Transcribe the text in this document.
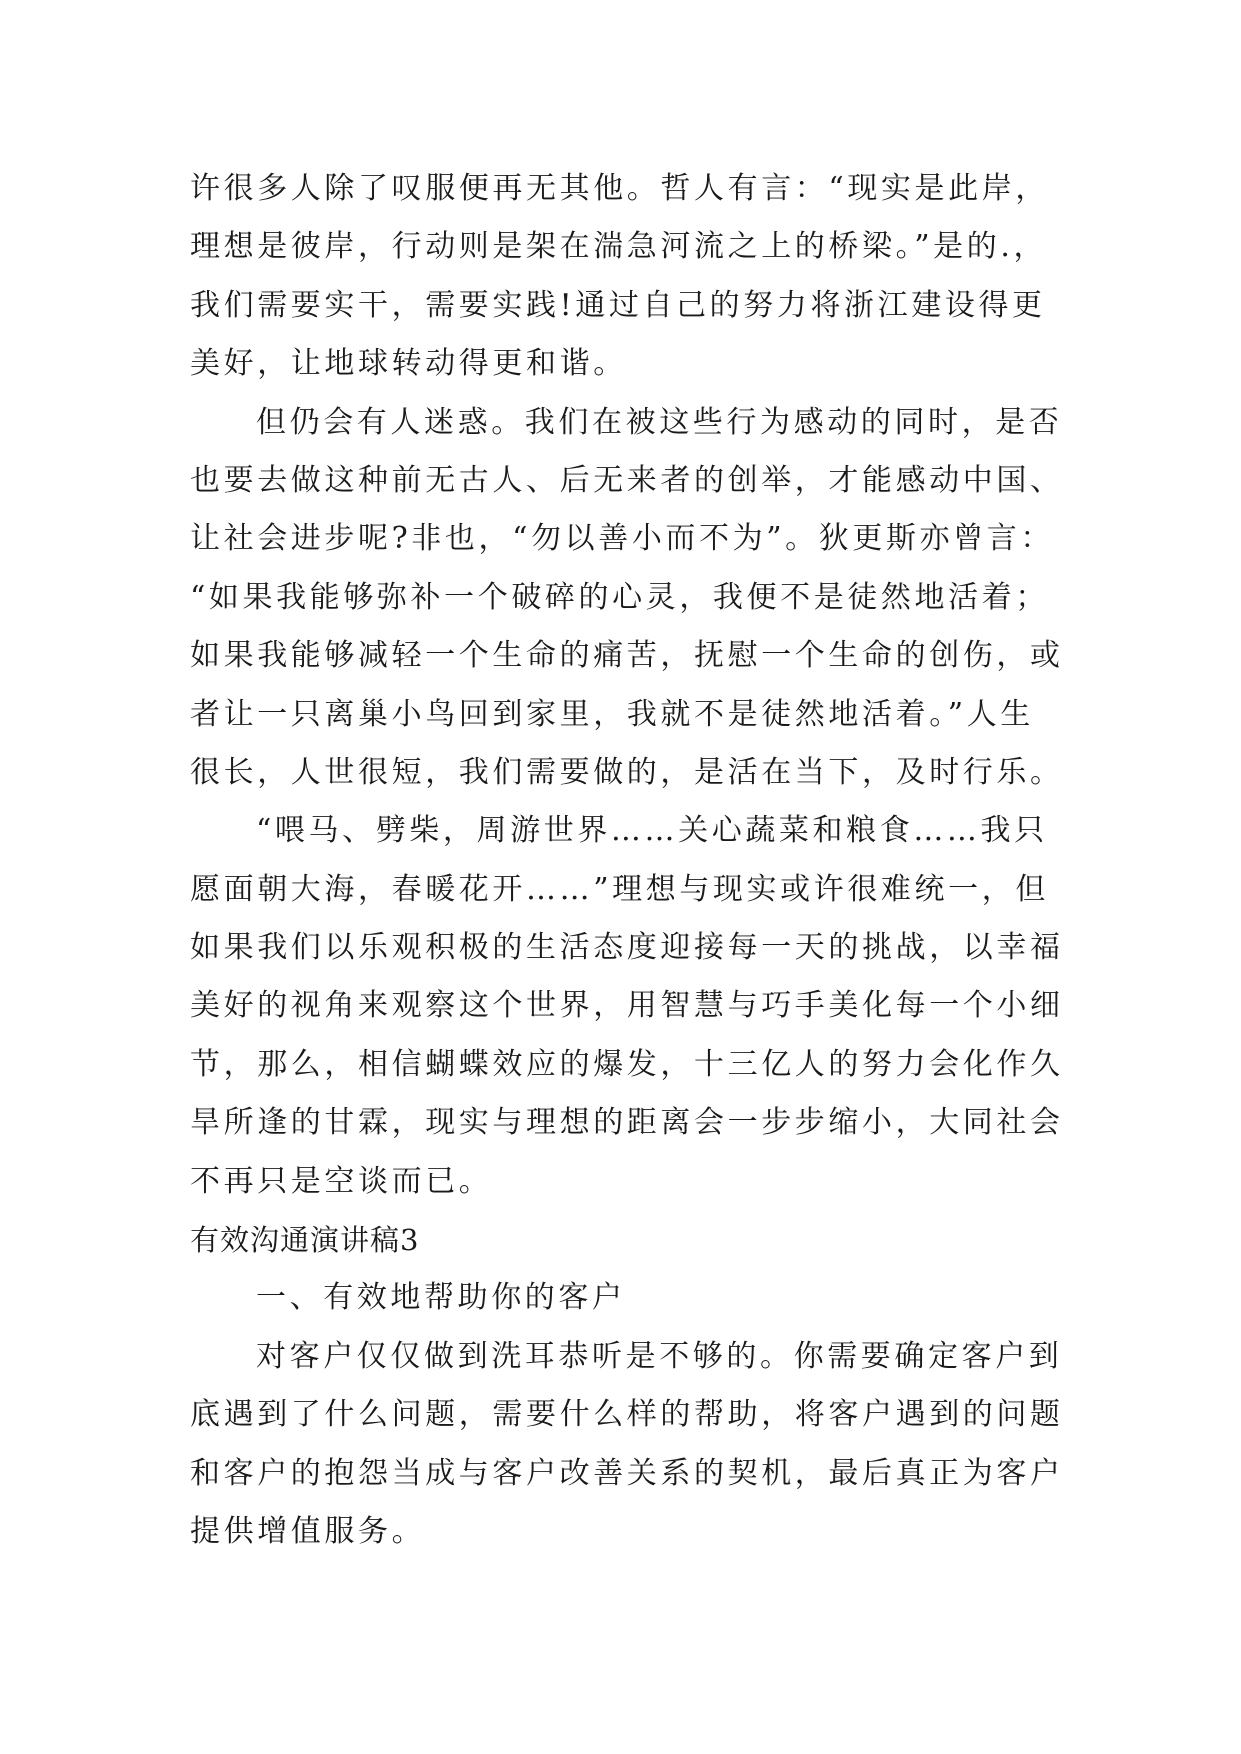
许很多人除了叹服便再无其他。哲人有言：“现实是此岸，

理想是彼岸，行动则是架在湍急河流之上的桥梁。”是的.，

我们需要实干，需要实践!通过自己的努力将浙江建设得更

美好，让地球转动得更和谐。

但仍会有人迷惑。我们在被这些行为感动的同时，是否

也要去做这种前无古人、后无来者的创举，才能感动中国、

让社会进步呢?非也，“勿以善小而不为”。狄更斯亦曾言：

“如果我能够弥补一个破碎的心灵，我便不是徒然地活着；

如果我能够减轻一个生命的痛苦，抚慰一个生命的创伤，或

者让一只离巢小鸟回到家里，我就不是徒然地活着。”人生

很长，人世很短，我们需要做的，是活在当下，及时行乐。

“喂马、劈柴，周游世界……关心蔬菜和粮食……我只

愿面朝大海，春暖花开……”理想与现实或许很难统一，但

如果我们以乐观积极的生活态度迎接每一天的挑战，以幸福

美好的视角来观察这个世界，用智慧与巧手美化每一个小细

节，那么，相信蝴蝶效应的爆发，十三亿人的努力会化作久

旱所逢的甘霖，现实与理想的距离会一步步缩小，大同社会

不再只是空谈而已。

有效沟通演讲稿3

一、有效地帮助你的客户

对客户仅仅做到洗耳恭听是不够的。你需要确定客户到

底遇到了什么问题，需要什么样的帮助，将客户遇到的问题

和客户的抱怨当成与客户改善关系的契机，最后真正为客户

提供增值服务。
